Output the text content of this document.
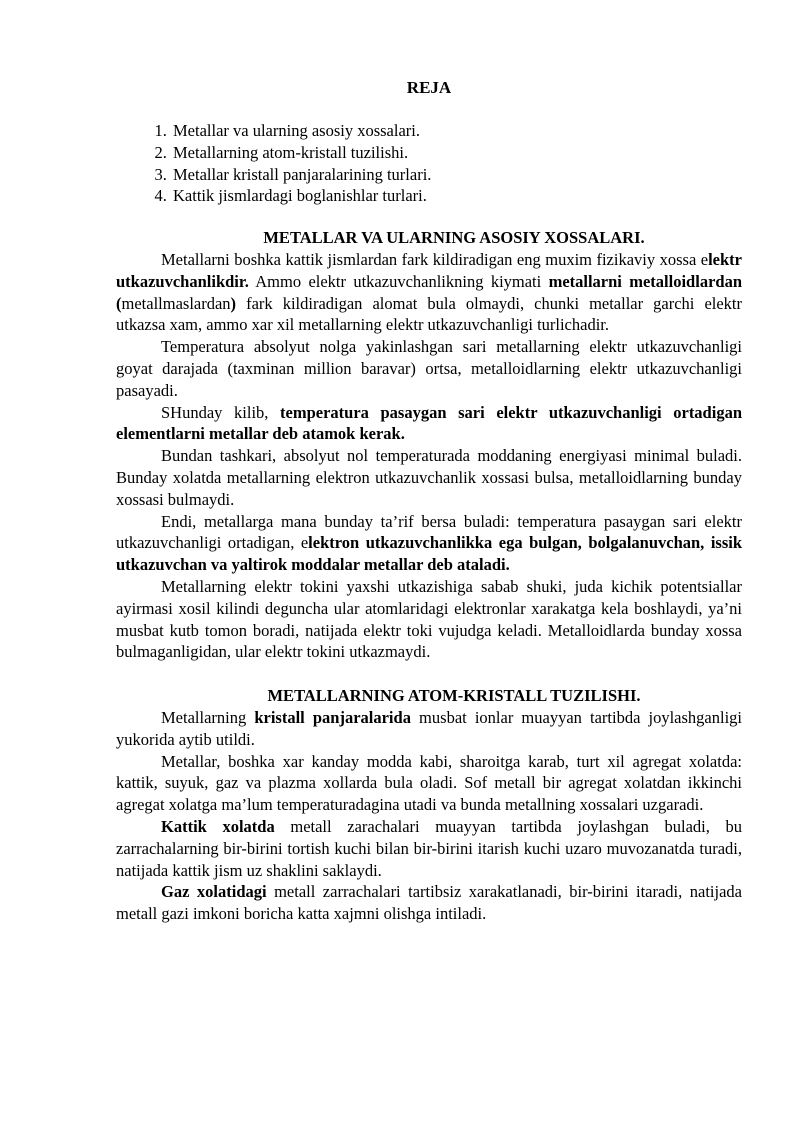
REJA
1. Metallar va ularning asosiy xossalari.
2. Metallarning atom-kristall tuzilishi.
3. Metallar kristall panjaralarining turlari.
4. Kattik jismlardagi boglanishlar turlari.
METALLAR VA ULARNING ASOSIY XOSSALARI.

Metallarni boshka kattik jismlardan fark kildiradigan eng muxim fizikaviy xossa elektr utkazuvchanlikdir. Ammo elektr utkazuvchanlikning kiymati metallarni metalloidlardan (metallmaslardan) fark kildiradigan alomat bula olmaydi, chunki metallar garchi elektr utkazsa xam, ammo xar xil metallarning elektr utkazuvchanligi turlichadir.

Temperatura absolyut nolga yakinlashgan sari metallarning elektr utkazuvchanligi goyat darajada (taxminan million baravar) ortsa, metalloidlarning elektr utkazuvchanligi pasayadi.

SHunday kilib, temperatura pasaygan sari elektr utkazuvchanligi ortadigan elementlarni metallar deb atamok kerak.

Bundan tashkari, absolyut nol temperaturada moddaning energiyasi minimal buladi. Bunday xolatda metallarning elektron utkazuvchanlik xossasi bulsa, metalloidlarning bunday xossasi bulmaydi.

Endi, metallarga mana bunday ta’rif bersa buladi: temperatura pasaygan sari elektr utkazuvchanligi ortadigan, elektron utkazuvchanlikka ega bulgan, bolgalanuvchan, issik utkazuvchan va yaltirok moddalar metallar deb ataladi.

Metallarning elektr tokini yaxshi utkazishiga sabab shuki, juda kichik potentsiallar ayirmasi xosil kilindi deguncha ular atomlaridagi elektronlar xarakatga kela boshlaydi, ya’ni musbat kutb tomon boradi, natijada elektr toki vujudga keladi. Metalloidlarda bunday xossa bulmaganligidan, ular elektr tokini utkazmaydi.

METALLARNING ATOM-KRISTALL TUZILISHI.

Metallarning kristall panjaralarida musbat ionlar muayyan tartibda joylashganligi yukorida aytib utildi.

Metallar, boshka xar kanday modda kabi, sharoitga karab, turt xil agregat xolatda: kattik, suyuk, gaz va plazma xollarda bula oladi. Sof metall bir agregat xolatdan ikkinchi agregat xolatga ma’lum temperaturadagina utadi va bunda metallning xossalari uzgaradi.

Kattik xolatda metall zarachalari muayyan tartibda joylashgan buladi, bu zarrachalarning bir-birini tortish kuchi bilan bir-birini itarish kuchi uzaro muvozanatda turadi, natijada kattik jism uz shaklini saklaydi.

Gaz xolatidagi metall zarrachalari tartibsiz xarakatlanadi, bir-birini itaradi, natijada metall gazi imkoni boricha katta xajmni olishga intiladi.
